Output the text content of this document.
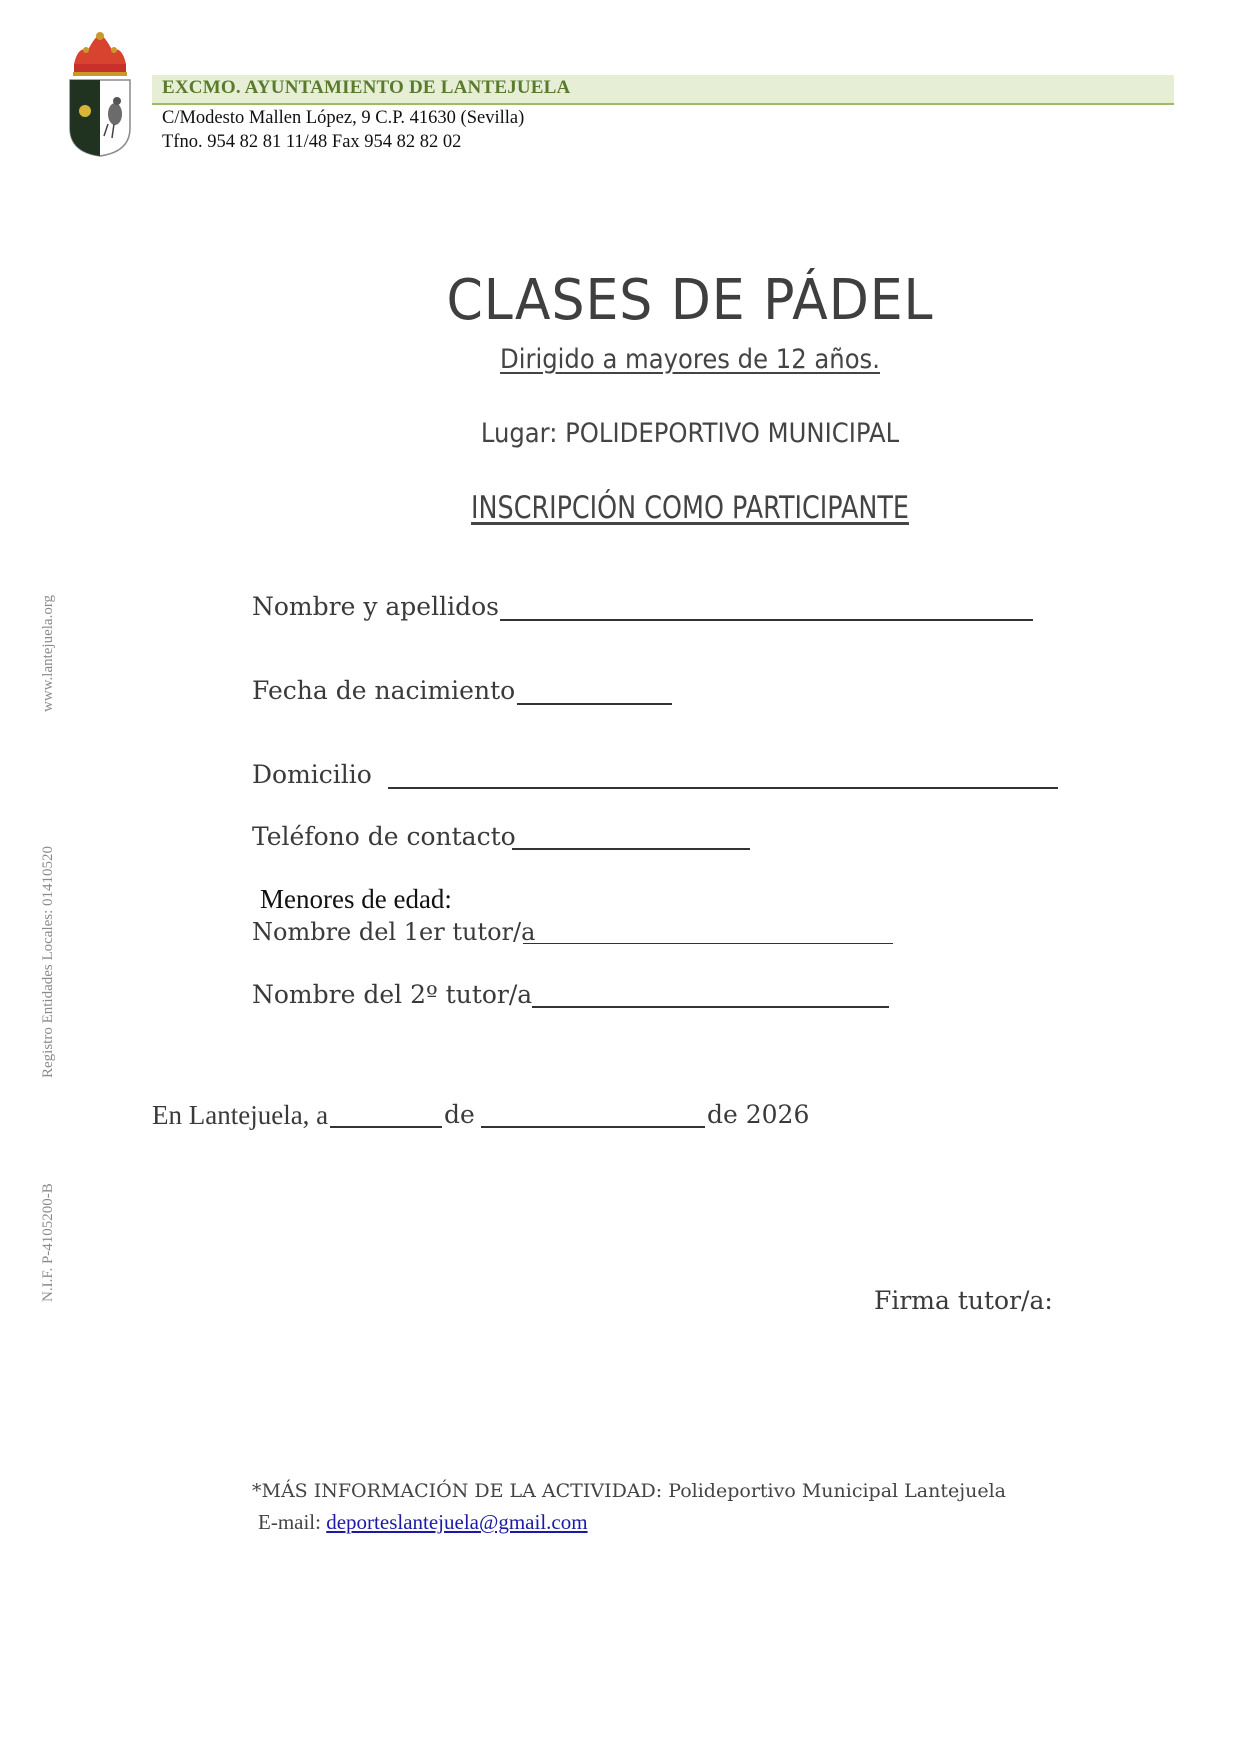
EXCMO. AYUNTAMIENTO DE LANTEJUELA
C/Modesto Mallen López, 9 C.P. 41630 (Sevilla)
Tfno. 954 82 81 11/48 Fax 954 82 82 02
www.lantejuela.org
Registro Entidades Locales: 01410520
N.I.F. P-4105200-B
CLASES DE PÁDEL
Dirigido a mayores de 12 años.
Lugar: POLIDEPORTIVO MUNICIPAL
INSCRIPCIÓN COMO PARTICIPANTE
Nombre y apellidos
Fecha de nacimiento
Domicilio
Teléfono de contacto
Menores de edad:
Nombre del 1er tutor/a
Nombre del 2º tutor/a
En Lantejuela, a	de	de 2026
Firma tutor/a:
*MÁS INFORMACIÓN DE LA ACTIVIDAD: Polideportivo Municipal Lantejuela
E-mail: deporteslantejuela@gmail.com
